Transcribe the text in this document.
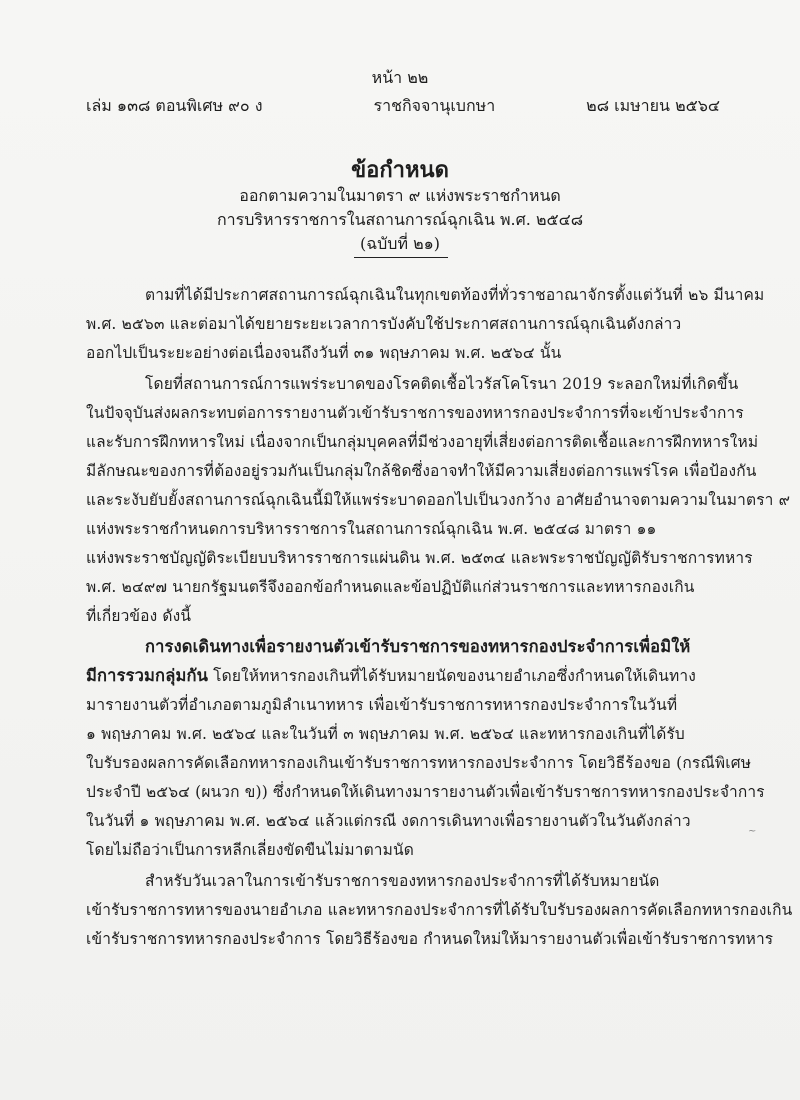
หน้า ๒๒
เล่ม ๑๓๘ ตอนพิเศษ ๙๐ ง	ราชกิจจานุเบกษา	๒๘ เมษายน ๒๕๖๔
ข้อกำหนด
ออกตามความในมาตรา ๙ แห่งพระราชกำหนด
การบริหารราชการในสถานการณ์ฉุกเฉิน พ.ศ. ๒๕๔๘
(ฉบับที่ ๒๑)
ตามที่ได้มีประกาศสถานการณ์ฉุกเฉินในทุกเขตท้องที่ทั่วราชอาณาจักรตั้งแต่วันที่ ๒๖ มีนาคม
พ.ศ. ๒๕๖๓ และต่อมาได้ขยายระยะเวลาการบังคับใช้ประกาศสถานการณ์ฉุกเฉินดังกล่าว
ออกไปเป็นระยะอย่างต่อเนื่องจนถึงวันที่ ๓๑ พฤษภาคม พ.ศ. ๒๕๖๔ นั้น
โดยที่สถานการณ์การแพร่ระบาดของโรคติดเชื้อไวรัสโคโรนา 2019 ระลอกใหม่ที่เกิดขึ้น
ในปัจจุบันส่งผลกระทบต่อการรายงานตัวเข้ารับราชการของทหารกองประจำการที่จะเข้าประจำการ
และรับการฝึกทหารใหม่ เนื่องจากเป็นกลุ่มบุคคลที่มีช่วงอายุที่เสี่ยงต่อการติดเชื้อและการฝึกทหารใหม่
มีลักษณะของการที่ต้องอยู่รวมกันเป็นกลุ่มใกล้ชิดซึ่งอาจทำให้มีความเสี่ยงต่อการแพร่โรค เพื่อป้องกัน
และระงับยับยั้งสถานการณ์ฉุกเฉินนี้มิให้แพร่ระบาดออกไปเป็นวงกว้าง อาศัยอำนาจตามความในมาตรา ๙
แห่งพระราชกำหนดการบริหารราชการในสถานการณ์ฉุกเฉิน พ.ศ. ๒๕๔๘ มาตรา ๑๑
แห่งพระราชบัญญัติระเบียบบริหารราชการแผ่นดิน พ.ศ. ๒๕๓๔ และพระราชบัญญัติรับราชการทหาร
พ.ศ. ๒๔๙๗ นายกรัฐมนตรีจึงออกข้อกำหนดและข้อปฏิบัติแก่ส่วนราชการและทหารกองเกิน
ที่เกี่ยวข้อง ดังนี้
การงดเดินทางเพื่อรายงานตัวเข้ารับราชการของทหารกองประจำการเพื่อมิให้
มีการรวมกลุ่มกัน โดยให้ทหารกองเกินที่ได้รับหมายนัดของนายอำเภอซึ่งกำหนดให้เดินทาง
มารายงานตัวที่อำเภอตามภูมิลำเนาทหาร เพื่อเข้ารับราชการทหารกองประจำการในวันที่
๑ พฤษภาคม พ.ศ. ๒๕๖๔ และในวันที่ ๓ พฤษภาคม พ.ศ. ๒๕๖๔ และทหารกองเกินที่ได้รับ
ใบรับรองผลการคัดเลือกทหารกองเกินเข้ารับราชการทหารกองประจำการ โดยวิธีร้องขอ (กรณีพิเศษ
ประจำปี ๒๕๖๔ (ผนวก ข)) ซึ่งกำหนดให้เดินทางมารายงานตัวเพื่อเข้ารับราชการทหารกองประจำการ
ในวันที่ ๑ พฤษภาคม พ.ศ. ๒๕๖๔ แล้วแต่กรณี งดการเดินทางเพื่อรายงานตัวในวันดังกล่าว
โดยไม่ถือว่าเป็นการหลีกเลี่ยงขัดขืนไม่มาตามนัด
สำหรับวันเวลาในการเข้ารับราชการของทหารกองประจำการที่ได้รับหมายนัด
เข้ารับราชการทหารของนายอำเภอ และทหารกองประจำการที่ได้รับใบรับรองผลการคัดเลือกทหารกองเกิน
เข้ารับราชการทหารกองประจำการ โดยวิธีร้องขอ กำหนดใหม่ให้มารายงานตัวเพื่อเข้ารับราชการทหาร
~
